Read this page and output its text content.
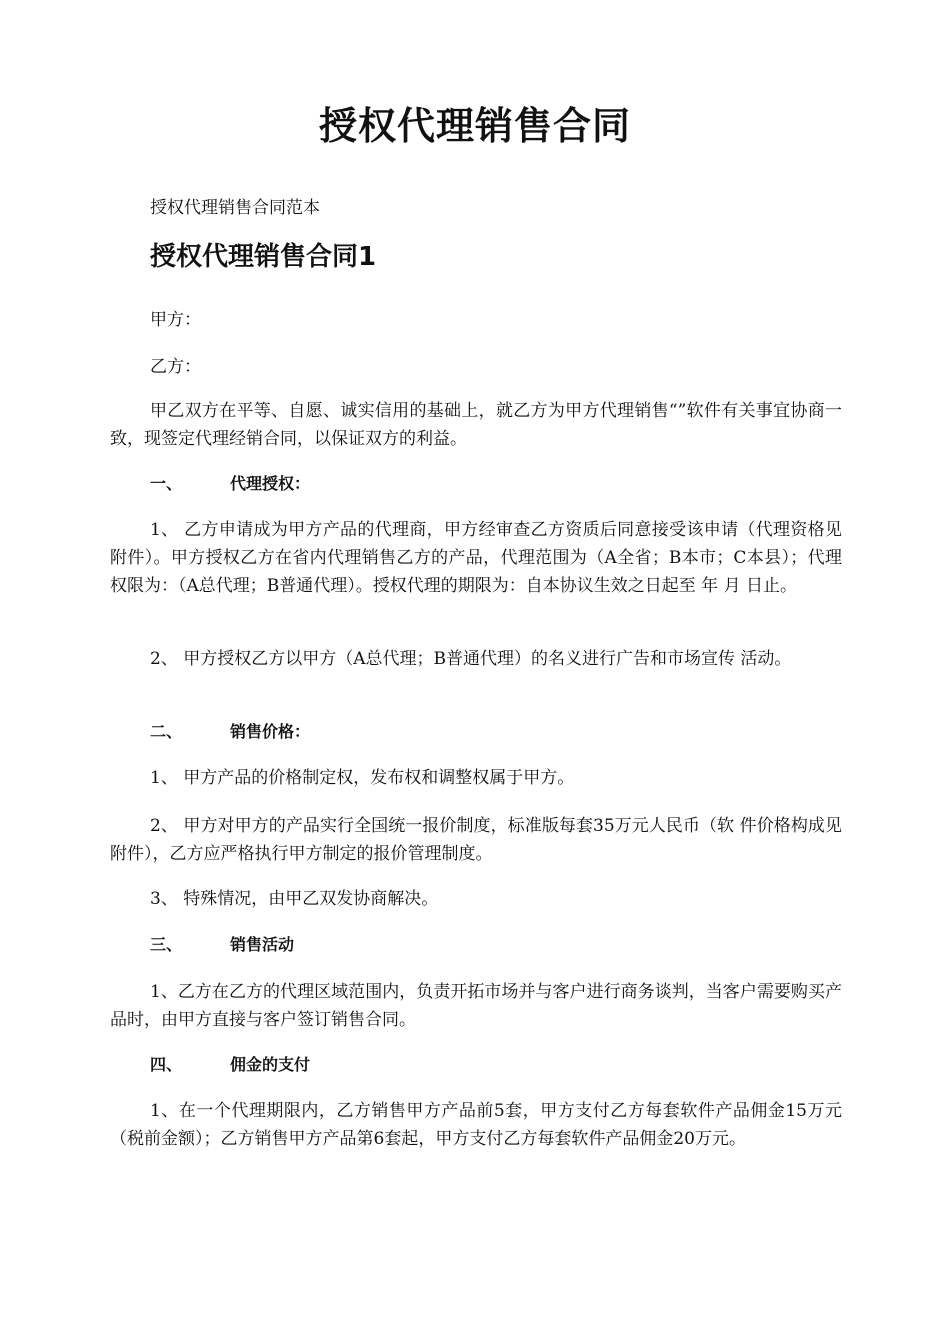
授权代理销售合同
授权代理销售合同范本
授权代理销售合同1
甲方：
乙方：
甲乙双方在平等、自愿、诚实信用的基础上，就乙方为甲方代理销售“”软件有关事宜协商一致，现签定代理经销合同，以保证双方的利益。
一、	代理授权：
1、 乙方申请成为甲方产品的代理商，甲方经审查乙方资质后同意接受该申请（代理资格见附件）。甲方授权乙方在省内代理销售乙方的产品，代理范围为（A全省；B本市；C本县）；代理权限为：（A总代理；B普通代理）。授权代理的期限为：自本协议生效之日起至 年 月 日止。
2、 甲方授权乙方以甲方（A总代理；B普通代理）的名义进行广告和市场宣传 活动。
二、	销售价格：
1、 甲方产品的价格制定权，发布权和调整权属于甲方。
2、 甲方对甲方的产品实行全国统一报价制度，标准版每套35万元人民币（软 件价格构成见附件），乙方应严格执行甲方制定的报价管理制度。
3、 特殊情况，由甲乙双发协商解决。
三、	销售活动
1、乙方在乙方的代理区域范围内，负责开拓市场并与客户进行商务谈判，当客户需要购买产品时，由甲方直接与客户签订销售合同。
四、	佣金的支付
1、在一个代理期限内，乙方销售甲方产品前5套，甲方支付乙方每套软件产品佣金15万元（税前金额）；乙方销售甲方产品第6套起，甲方支付乙方每套软件产品佣金20万元。
